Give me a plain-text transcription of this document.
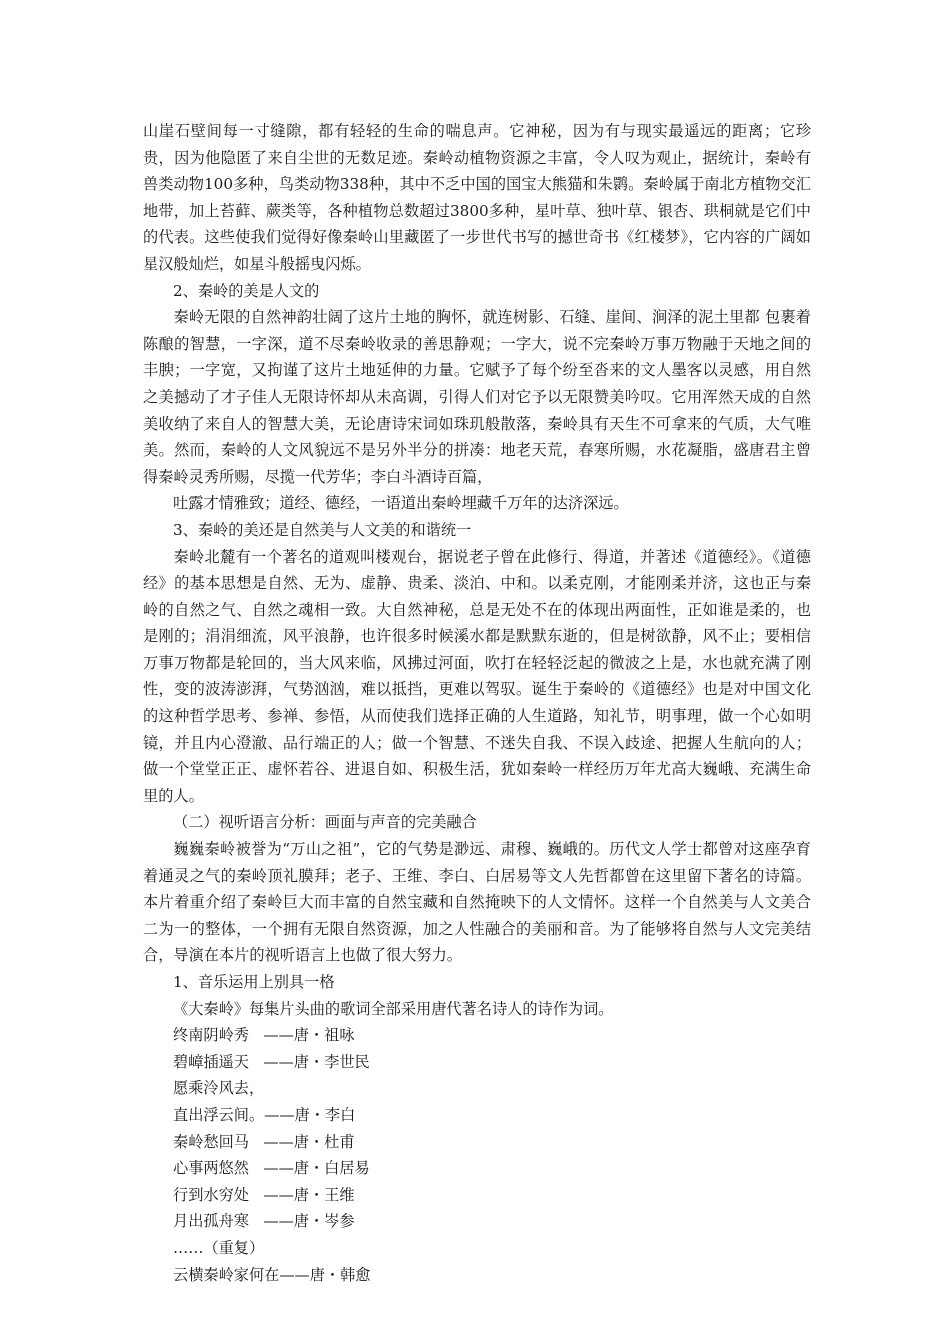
山崖石壁间每一寸缝隙，都有轻轻的生命的喘息声。它神秘，因为有与现实最遥远的距离；它珍贵，因为他隐匿了来自尘世的无数足迹。秦岭动植物资源之丰富，令人叹为观止，据统计，秦岭有兽类动物100多种，鸟类动物338种，其中不乏中国的国宝大熊猫和朱鹮。秦岭属于南北方植物交汇地带，加上苔藓、蕨类等，各种植物总数超过3800多种，星叶草、独叶草、银杏、珙桐就是它们中的代表。这些使我们觉得好像秦岭山里藏匿了一步世代书写的撼世奇书《红楼梦》，它内容的广阔如星汉般灿烂，如星斗般摇曳闪烁。

2、秦岭的美是人文的

秦岭无限的自然神韵壮阔了这片土地的胸怀，就连树影、石缝、崖间、涧泽的泥土里都 包裹着陈酿的智慧，一字深，道不尽秦岭收录的善思静观；一字大，说不完秦岭万事万物融于天地之间的丰腴；一字宽，又拘谨了这片土地延伸的力量。它赋予了每个纷至沓来的文人墨客以灵感，用自然之美撼动了才子佳人无限诗怀却从未高调，引得人们对它予以无限赞美吟叹。它用浑然天成的自然美收纳了来自人的智慧大美，无论唐诗宋词如珠玑般散落，秦岭具有天生不可拿来的气质，大气唯美。然而，秦岭的人文风貌远不是另外半分的拼凑：地老天荒，春寒所赐，水花凝脂，盛唐君主曾得秦岭灵秀所赐，尽揽一代芳华；李白斗酒诗百篇，

吐露才情雅致；道经、德经，一语道出秦岭埋藏千万年的达济深远。

3、秦岭的美还是自然美与人文美的和谐统一

秦岭北麓有一个著名的道观叫楼观台，据说老子曾在此修行、得道，并著述《道德经》。《道德经》的基本思想是自然、无为、虚静、贵柔、淡泊、中和。以柔克刚，才能刚柔并济，这也正与秦岭的自然之气、自然之魂相一致。大自然神秘，总是无处不在的体现出两面性，正如谁是柔的，也是刚的；涓涓细流，风平浪静，也许很多时候溪水都是默默东逝的，但是树欲静，风不止；要相信万事万物都是轮回的，当大风来临，风拂过河面，吹打在轻轻泛起的微波之上是，水也就充满了刚性，变的波涛澎湃，气势汹汹，难以抵挡，更难以驾驭。诞生于秦岭的《道德经》也是对中国文化的这种哲学思考、参禅、参悟，从而使我们选择正确的人生道路，知礼节，明事理，做一个心如明镜，并且内心澄澈、品行端正的人；做一个智慧、不迷失自我、不误入歧途、把握人生航向的人；做一个堂堂正正、虚怀若谷、进退自如、积极生活，犹如秦岭一样经历万年尤高大巍峨、充满生命里的人。

（二）视听语言分析：画面与声音的完美融合

巍巍秦岭被誉为“万山之祖”，它的气势是渺远、肃穆、巍峨的。历代文人学士都曾对这座孕育着通灵之气的秦岭顶礼膜拜；老子、王维、李白、白居易等文人先哲都曾在这里留下著名的诗篇。本片着重介绍了秦岭巨大而丰富的自然宝藏和自然掩映下的人文情怀。这样一个自然美与人文美合二为一的整体，一个拥有无限自然资源，加之人性融合的美丽和音。为了能够将自然与人文完美结合，导演在本片的视听语言上也做了很大努力。

1、音乐运用上别具一格

《大秦岭》每集片头曲的歌词全部采用唐代著名诗人的诗作为词。

终南阴岭秀   ——唐・祖咏

碧嶂插遥天   ——唐・李世民

愿乘泠风去，

直出浮云间。——唐・李白

秦岭愁回马   ——唐・杜甫

心事两悠然   ——唐・白居易

行到水穷处   ——唐・王维

月出孤舟寒   ——唐・岑参

……（重复）

云横秦岭家何在——唐・韩愈
